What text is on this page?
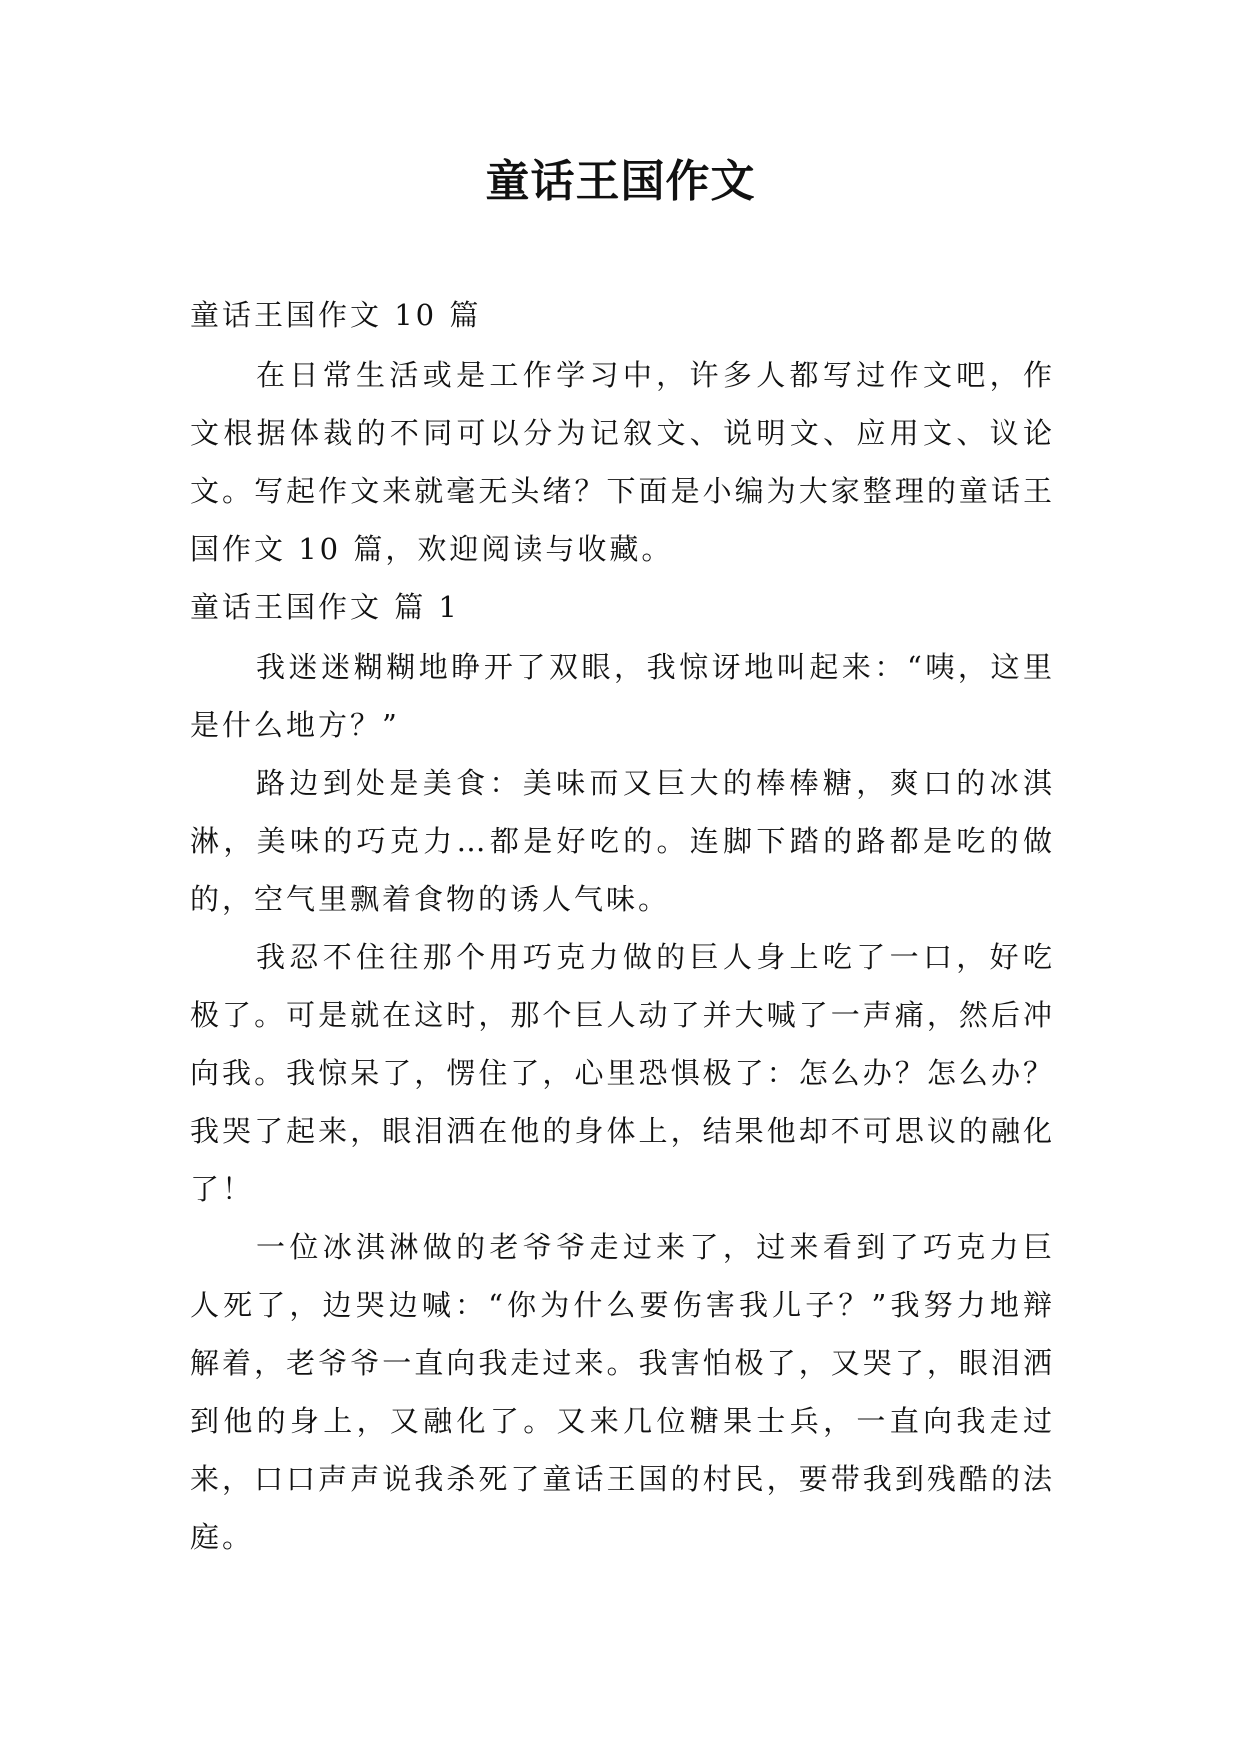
童话王国作文

童话王国作文 10 篇

在日常生活或是工作学习中，许多人都写过作文吧，作文根据体裁的不同可以分为记叙文、说明文、应用文、议论文。写起作文来就毫无头绪？下面是小编为大家整理的童话王国作文 10 篇，欢迎阅读与收藏。

童话王国作文 篇 1

我迷迷糊糊地睁开了双眼，我惊讶地叫起来：“咦，这里是什么地方？”

路边到处是美食：美味而又巨大的棒棒糖，爽口的冰淇淋，美味的巧克力…都是好吃的。连脚下踏的路都是吃的做的，空气里飘着食物的诱人气味。

我忍不住往那个用巧克力做的巨人身上吃了一口，好吃极了。可是就在这时，那个巨人动了并大喊了一声痛，然后冲向我。我惊呆了，愣住了，心里恐惧极了：怎么办？怎么办？我哭了起来，眼泪洒在他的身体上，结果他却不可思议的融化了！

一位冰淇淋做的老爷爷走过来了，过来看到了巧克力巨人死了，边哭边喊：“你为什么要伤害我儿子？”我努力地辩解着，老爷爷一直向我走过来。我害怕极了，又哭了，眼泪洒到他的身上，又融化了。又来几位糖果士兵，一直向我走过来，口口声声说我杀死了童话王国的村民，要带我到残酷的法庭。
